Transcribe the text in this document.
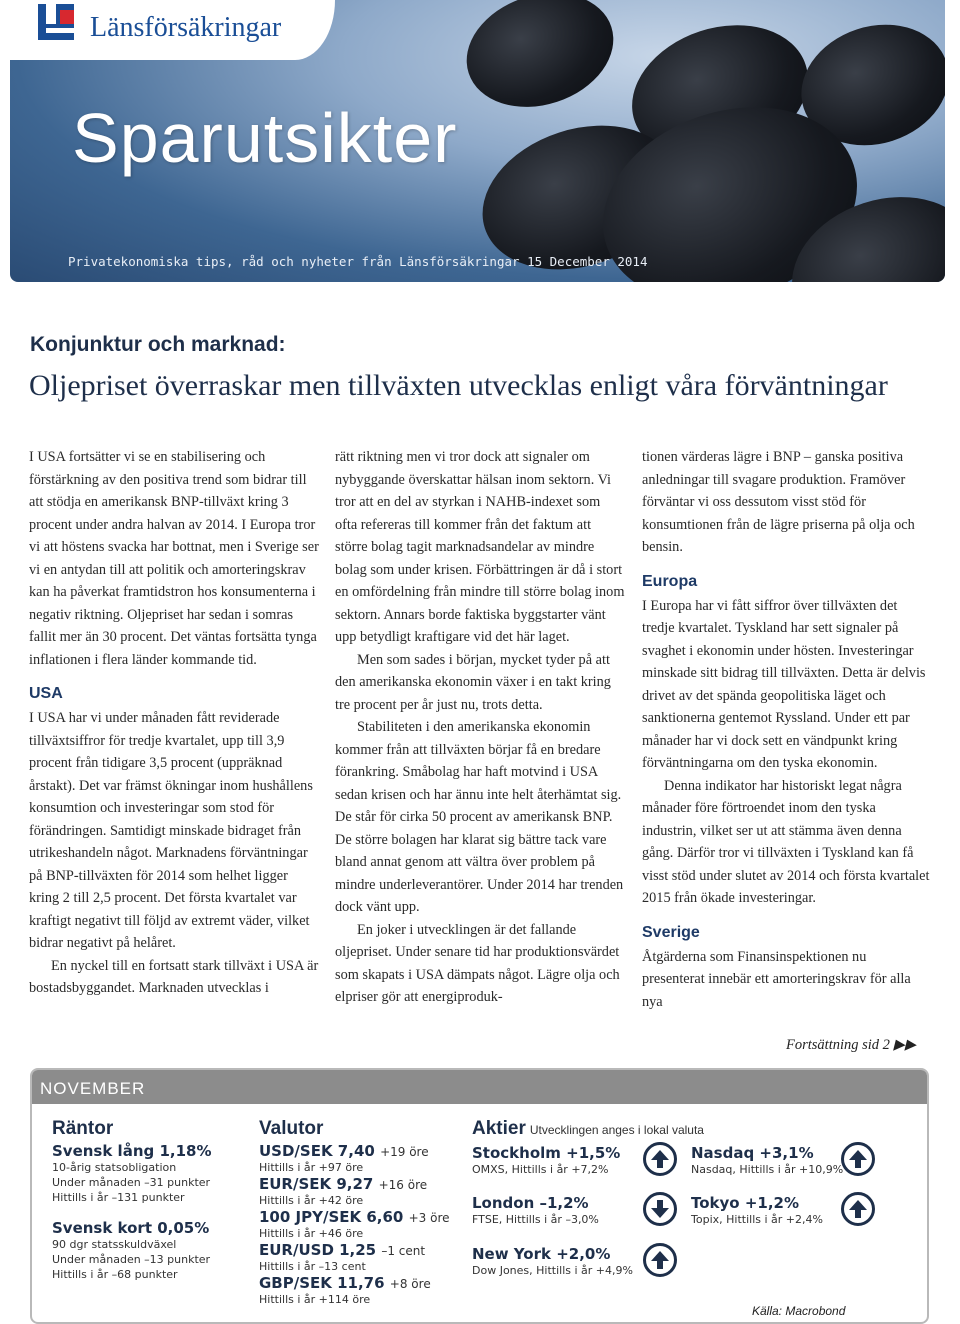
Länsförsäkringar
Sparutsikter
Privatekonomiska tips, råd och nyheter från Länsförsäkringar 15 December 2014
Konjunktur och marknad:
Oljepriset överraskar men tillväxten utvecklas enligt våra förväntningar

I USA fortsätter vi se en stabilisering och förstärkning av den positiva trend som bidrar till att stödja en amerikansk BNP-tillväxt kring 3 procent under andra halvan av 2014. I Europa tror vi att höstens svacka har bottnat, men i Sverige ser vi en antydan till att politik och amorteringskrav kan ha påverkat framtidstron hos konsumenterna i negativ riktning. Oljepriset har sedan i somras fallit mer än 30 procent. Det väntas fortsätta tynga inflationen i flera länder kommande tid.

USA

I USA har vi under månaden fått reviderade tillväxtsiffror för tredje kvartalet, upp till 3,9 procent från tidigare 3,5 procent (uppräknad årstakt). Det var främst ökningar inom hushållens konsumtion och investeringar som stod för förändringen. Samtidigt minskade bidraget från utrikeshandeln något. Marknadens förväntningar på BNP-tillväxten för 2014 som helhet ligger kring 2 till 2,5 procent. Det första kvartalet var kraftigt negativt till följd av extremt väder, vilket bidrar negativt på helåret.

En nyckel till en fortsatt stark tillväxt i USA är bostadsbyggandet. Marknaden utvecklas i

rätt riktning men vi tror dock att signaler om nybyggande överskattar hälsan inom sektorn. Vi tror att en del av styrkan i NAHB-indexet som ofta refereras till kommer från det faktum att större bolag tagit marknadsandelar av mindre bolag som under krisen. Förbättringen är då i stort en omfördelning från mindre till större bolag inom sektorn. Annars borde faktiska byggstarter vänt upp betydligt kraftigare vid det här laget.

Men som sades i början, mycket tyder på att den amerikanska ekonomin växer i en takt kring tre procent per år just nu, trots detta.

Stabiliteten i den amerikanska ekonomin kommer från att tillväxten börjar få en bredare förankring. Småbolag har haft motvind i USA sedan krisen och har ännu inte helt återhämtat sig. De står för cirka 50 procent av amerikansk BNP. De större bolagen har klarat sig bättre tack vare bland annat genom att vältra över problem på mindre underleverantörer. Under 2014 har trenden dock vänt upp.

En joker i utvecklingen är det fallande oljepriset. Under senare tid har produktionsvärdet som skapats i USA dämpats något. Lägre olja och elpriser gör att energiproduk-

tionen värderas lägre i BNP – ganska positiva anledningar till svagare produktion. Framöver förväntar vi oss dessutom visst stöd för konsumtionen från de lägre priserna på olja och bensin.

Europa

I Europa har vi fått siffror över tillväxten det tredje kvartalet. Tyskland har sett signaler på svaghet i ekonomin under hösten. Investeringar minskade sitt bidrag till tillväxten. Detta är delvis drivet av det spända geopolitiska läget och sanktionerna gentemot Ryssland. Under ett par månader har vi dock sett en vändpunkt kring förväntningarna om den tyska ekonomin.

Denna indikator har historiskt legat några månader före förtroendet inom den tyska industrin, vilket ser ut att stämma även denna gång. Därför tror vi tillväxten i Tyskland kan få visst stöd under slutet av 2014 och första kvartalet 2015 från ökade investeringar.

Sverige

Åtgärderna som Finansinspektionen nu presenterat innebär ett amorteringskrav för alla nya

Fortsättning sid 2 ▶▶
NOVEMBER
Räntor
Svensk lång 1,18%
10-årig statsobligation
Under månaden –31 punkter
Hittills i år –131 punkter
Svensk kort 0,05%
90 dgr statsskuldväxel
Under månaden –13 punkter
Hittills i år –68 punkter
Valutor
USD/SEK 7,40 +19 öre
Hittills i år +97 öre
EUR/SEK 9,27 +16 öre
Hittills i år +42 öre
100 JPY/SEK 6,60 +3 öre
Hittills i år +46 öre
EUR/USD 1,25 –1 cent
Hittills i år –13 cent
GBP/SEK 11,76 +8 öre
Hittills i år +114 öre
Aktier Utvecklingen anges i lokal valuta
Stockholm +1,5%
OMXS, Hittills i år +7,2%
Nasdaq +3,1%
Nasdaq, Hittills i år +10,9%
London –1,2%
FTSE, Hittills i år –3,0%
Tokyo +1,2%
Topix, Hittills i år +2,4%
New York +2,0%
Dow Jones, Hittills i år +4,9%
Källa: Macrobond
